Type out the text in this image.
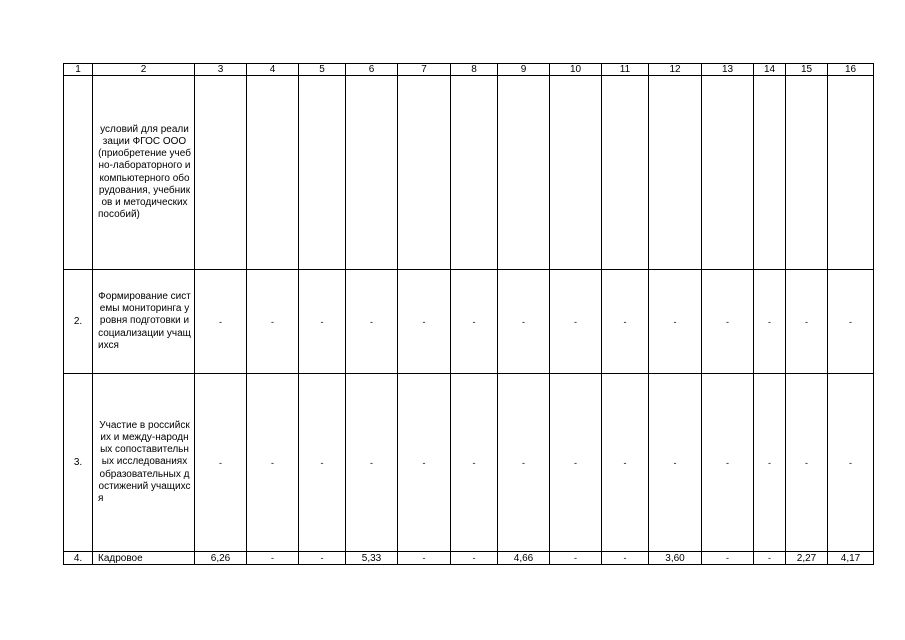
1	2	3	4	5	6	7	8	9	10	11	12	13	14	15	16
	условий для реализации ФГОС ООО (приобретение учебно-лабораторного и компьютерного оборудования, учебников и методических пособий)														
2.	Формирование системы мониторинга уровня подготовки и социализации учащихся	-	-	-	-	-	-	-	-	-	-	-	-	-	-
3.	Участие в российских и между-народных сопоставительных исследованиях образовательных достижений учащихся	-	-	-	-	-	-	-	-	-	-	-	-	-	-
4.	Кадровое	6,26	-	-	5,33	-	-	4,66	-	-	3,60	-	-	2,27	4,17
